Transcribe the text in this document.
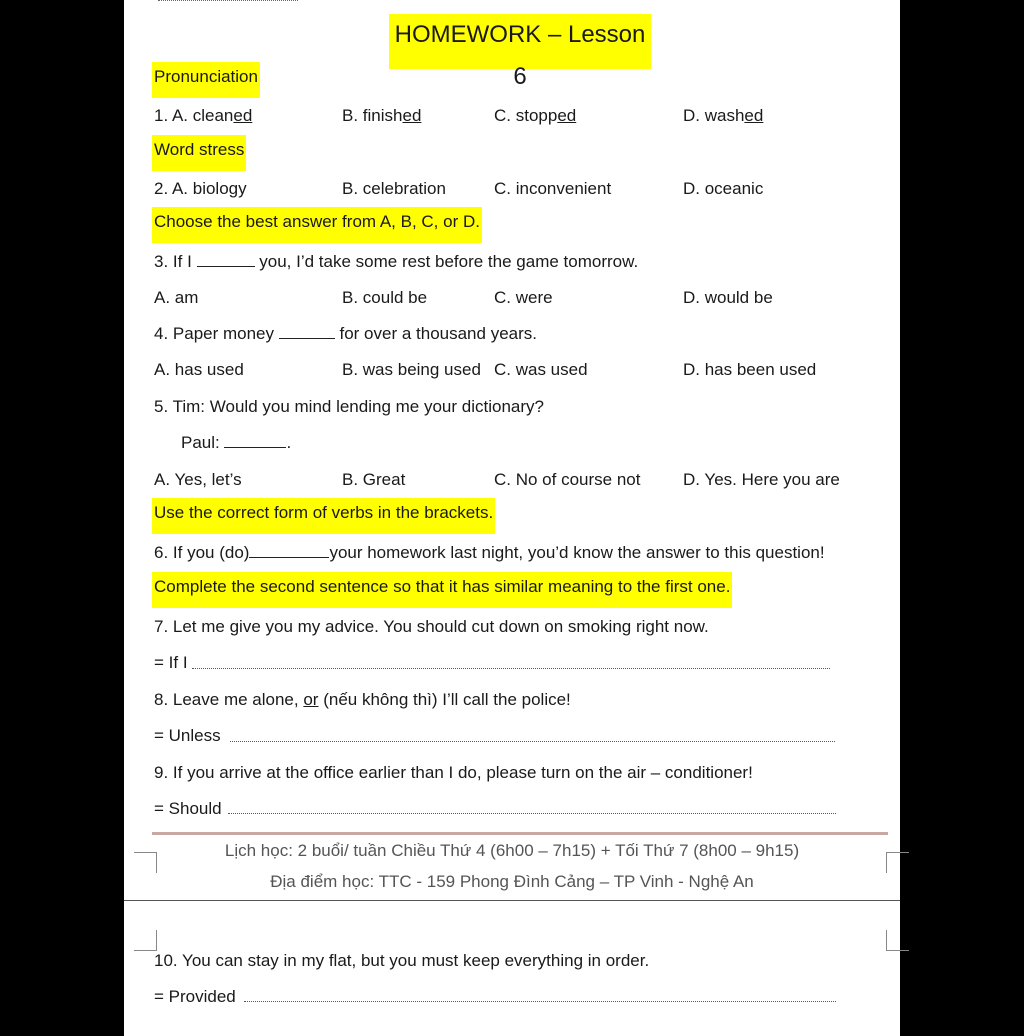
HOMEWORK – Lesson 6
Pronunciation
1. A. cleaned	B. finished	C. stopped	D. washed
Word stress
2. A. biology	B. celebration	C. inconvenient	D. oceanic
Choose the best answer from A, B, C, or D.
3. If I	you, I’d take some rest before the game tomorrow.
A. am	B. could be	C. were	D. would be
4. Paper money	for over a thousand years.
A. has used	B. was being used C. was used	D. has been used
5. Tim: Would you mind lending me your dictionary?
Paul:	.
A. Yes, let’s	B. Great	C. No of course not	D. Yes. Here you are
Use the correct form of verbs in the brackets.
6. If you (do)	your homework last night, you’d know the answer to this question!
Complete the second sentence so that it has similar meaning to the first one.
7. Let me give you my advice. You should cut down on smoking right now.
= If I
8. Leave me alone, or (nếu không thì) I’ll call the police!
= Unless
9. If you arrive at the office earlier than I do, please turn on the air – conditioner!
= Should
Lịch học: 2 buổi/ tuần Chiều Thứ 4 (6h00 – 7h15) + Tối Thứ 7 (8h00 – 9h15)
Địa điểm học: TTC - 159 Phong Đình Cảng – TP Vinh - Nghệ An
10. You can stay in my flat, but you must keep everything in order.
= Provided
